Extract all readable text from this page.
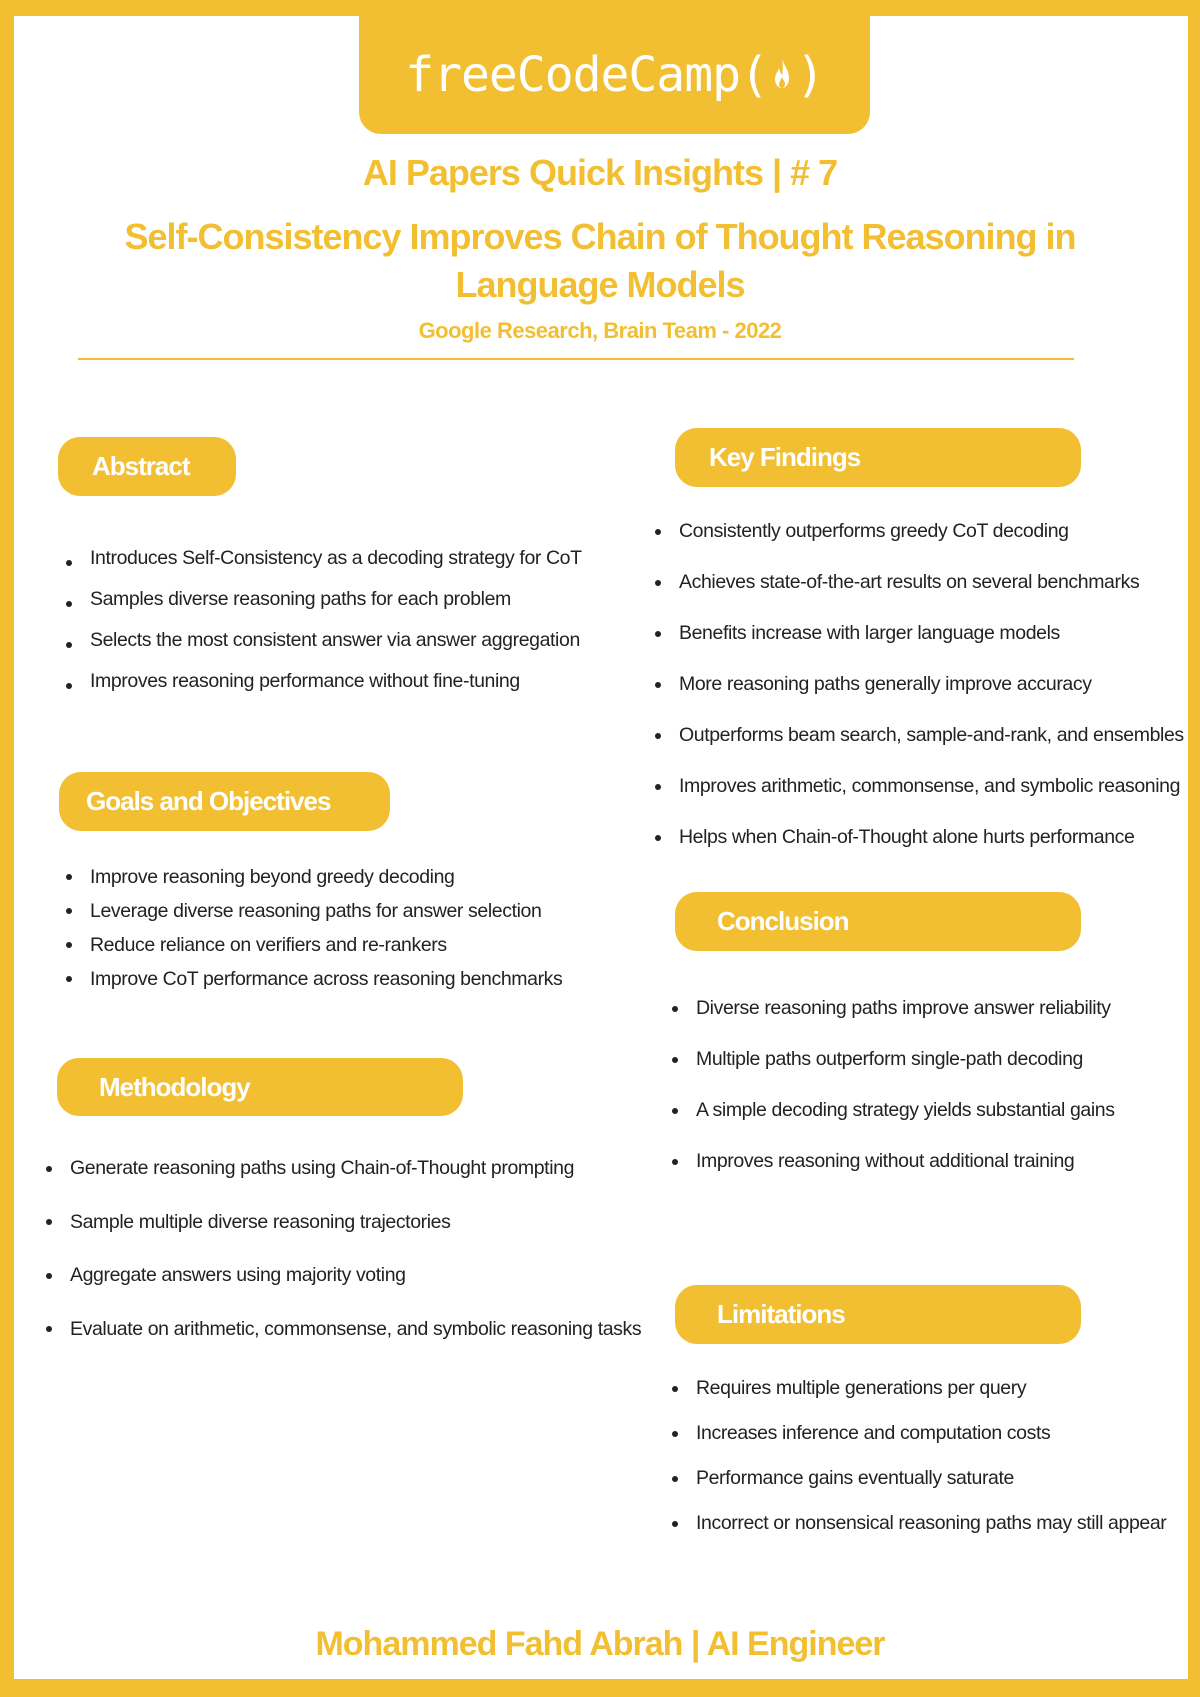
freeCodeCamp( )
AI Papers Quick Insights | # 7
Self-Consistency Improves Chain of Thought Reasoning in
Language Models
Google Research, Brain Team - 2022
Abstract
Introduces Self-Consistency as a decoding strategy for CoT
Samples diverse reasoning paths for each problem
Selects the most consistent answer via answer aggregation
Improves reasoning performance without fine-tuning
Goals and Objectives
Improve reasoning beyond greedy decoding
Leverage diverse reasoning paths for answer selection
Reduce reliance on verifiers and re-rankers
Improve CoT performance across reasoning benchmarks
Methodology
Generate reasoning paths using Chain-of-Thought prompting
Sample multiple diverse reasoning trajectories
Aggregate answers using majority voting
Evaluate on arithmetic, commonsense, and symbolic reasoning tasks
Key Findings
Consistently outperforms greedy CoT decoding
Achieves state-of-the-art results on several benchmarks
Benefits increase with larger language models
More reasoning paths generally improve accuracy
Outperforms beam search, sample-and-rank, and ensembles
Improves arithmetic, commonsense, and symbolic reasoning
Helps when Chain-of-Thought alone hurts performance
Conclusion
Diverse reasoning paths improve answer reliability
Multiple paths outperform single-path decoding
A simple decoding strategy yields substantial gains
Improves reasoning without additional training
Limitations
Requires multiple generations per query
Increases inference and computation costs
Performance gains eventually saturate
Incorrect or nonsensical reasoning paths may still appear
Mohammed Fahd Abrah | AI Engineer
